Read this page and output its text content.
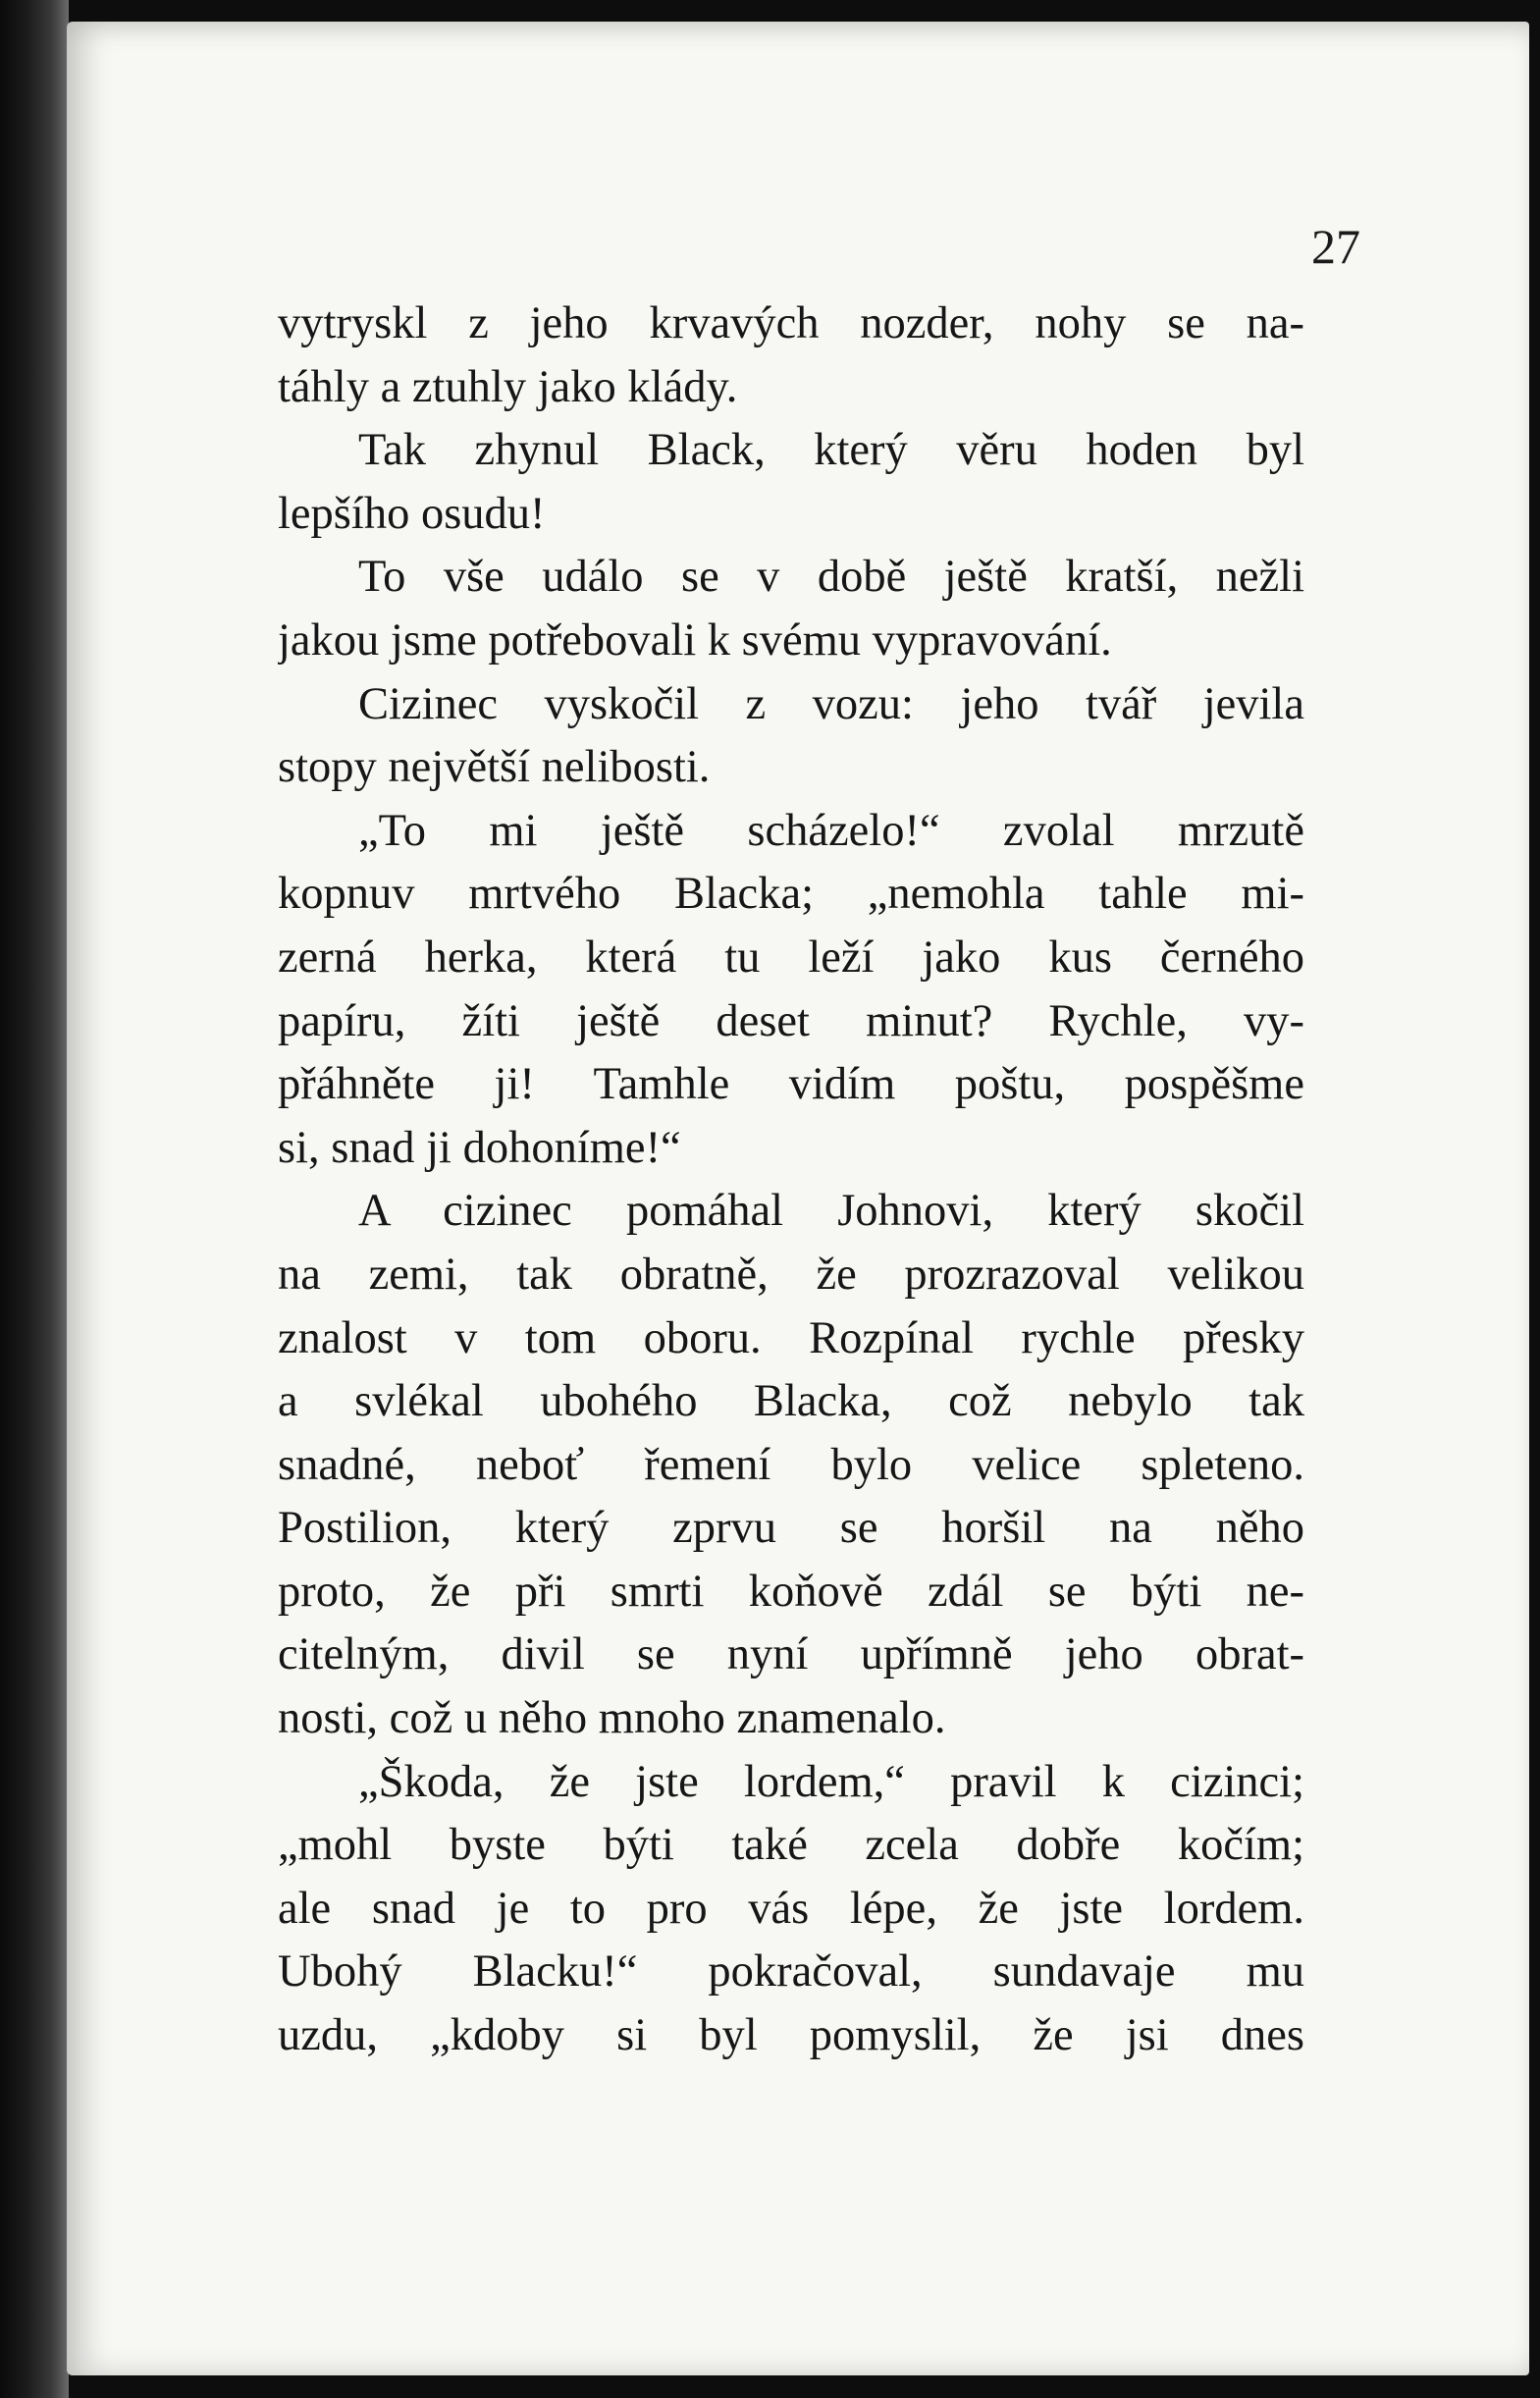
27

vytryskl z jeho krvavých nozder, nohy se na-
táhly a ztuhly jako klády.
Tak zhynul Black, který věru hoden byl
lepšího osudu!
To vše událo se v době ještě kratší, nežli
jakou jsme potřebovali k svému vypravování.
Cizinec vyskočil z vozu: jeho tvář jevila
stopy největší nelibosti.
„To mi ještě scházelo!“ zvolal mrzutě
kopnuv mrtvého Blacka; „nemohla tahle mi-
zerná herka, která tu leží jako kus černého
papíru, žíti ještě deset minut? Rychle, vy-
přáhněte ji! Tamhle vidím poštu, pospěšme
si, snad ji dohoníme!“
A cizinec pomáhal Johnovi, který skočil
na zemi, tak obratně, že prozrazoval velikou
znalost v tom oboru. Rozpínal rychle přesky
a svlékal ubohého Blacka, což nebylo tak
snadné, neboť řemení bylo velice spleteno.
Postilion, který zprvu se horšil na něho
proto, že při smrti koňově zdál se býti ne-
citelným, divil se nyní upřímně jeho obrat-
nosti, což u něho mnoho znamenalo.
„Škoda, že jste lordem,“ pravil k cizinci;
„mohl byste býti také zcela dobře kočím;
ale snad je to pro vás lépe, že jste lordem.
Ubohý Blacku!“ pokračoval, sundavaje mu
uzdu, „kdoby si byl pomyslil, že jsi dnes
